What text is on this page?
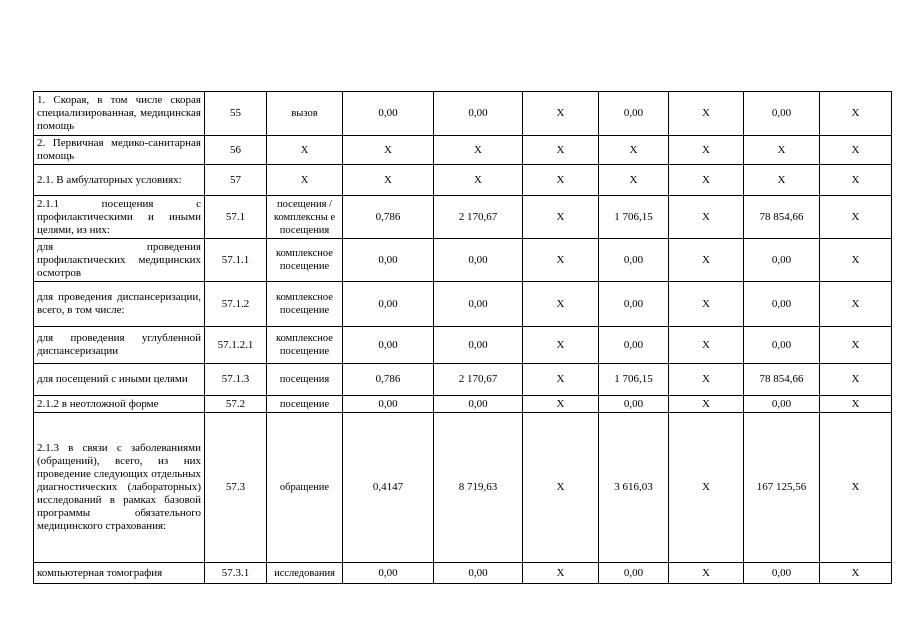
1. Скорая, в том числе скорая специализированная, медицинская помощь	55	вызов	0,00	0,00	X	0,00	X	0,00	X
2. Первичная медико-санитарная помощь	56	X	X	X	X	X	X	X	X
2.1. В амбулаторных условиях:	57	X	X	X	X	X	X	X	X
2.1.1 посещения с профилактическими и иными целями, из них:	57.1	посещения / комплексны е посещения	0,786	2 170,67	X	1 706,15	X	78 854,66	X
для проведения профилактических медицинских осмотров	57.1.1	комплексное посещение	0,00	0,00	X	0,00	X	0,00	X
для проведения диспансеризации, всего, в том числе:	57.1.2	комплексное посещение	0,00	0,00	X	0,00	X	0,00	X
для проведения углубленной диспансеризации	57.1.2.1	комплексное посещение	0,00	0,00	X	0,00	X	0,00	X
для посещений с иными целями	57.1.3	посещения	0,786	2 170,67	X	1 706,15	X	78 854,66	X
2.1.2 в неотложной форме	57.2	посещение	0,00	0,00	X	0,00	X	0,00	X
2.1.3 в связи с заболеваниями (обращений), всего, из них проведение следующих отдельных диагностических (лабораторных) исследований в рамках базовой программы обязательного медицинского страхования:	57.3	обращение	0,4147	8 719,63	X	3 616,03	X	167 125,56	X
компьютерная томография	57.3.1	исследования	0,00	0,00	X	0,00	X	0,00	X
